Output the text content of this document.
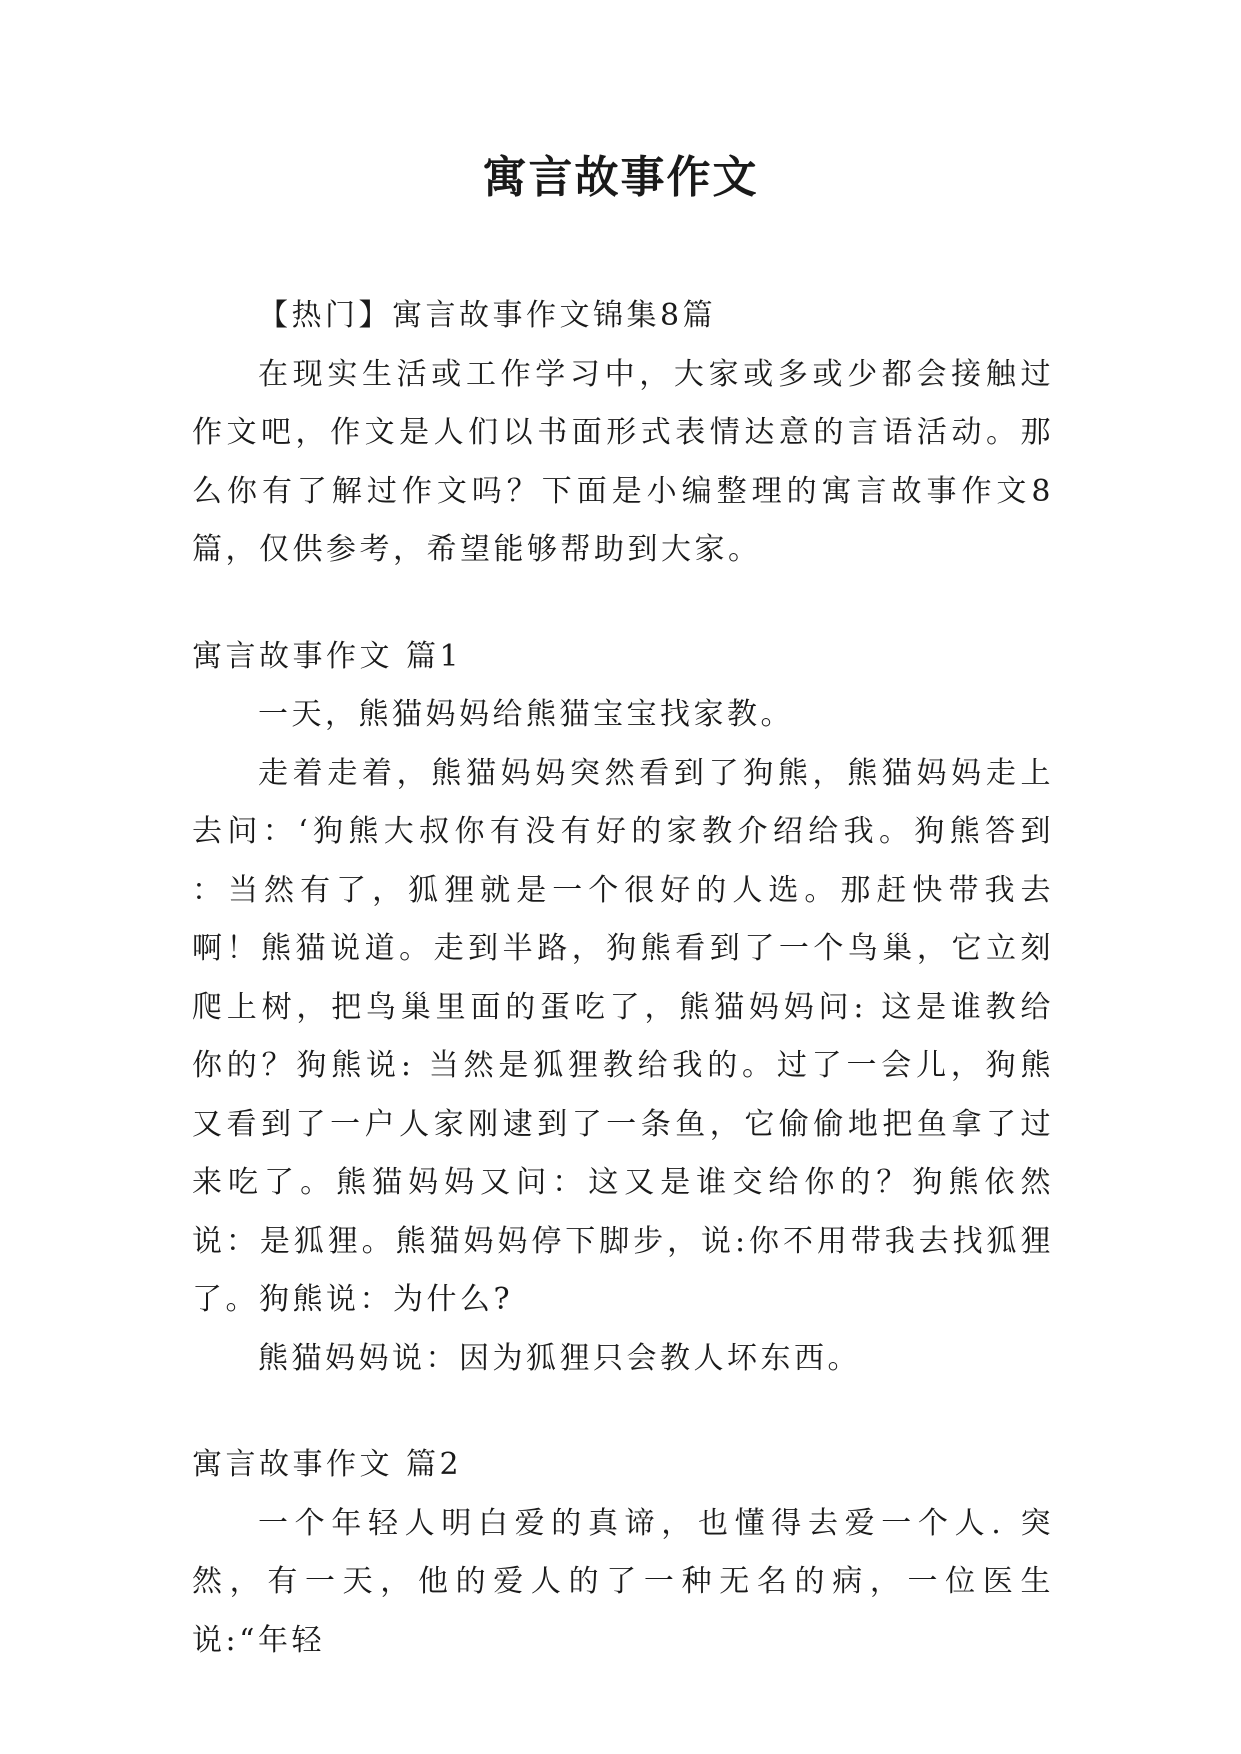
寓言故事作文

【热门】寓言故事作文锦集8篇

在现实生活或工作学习中，大家或多或少都会接触过作文吧，作文是人们以书面形式表情达意的言语活动。那么你有了解过作文吗？下面是小编整理的寓言故事作文8篇，仅供参考，希望能够帮助到大家。

寓言故事作文 篇1

一天，熊猫妈妈给熊猫宝宝找家教。

走着走着，熊猫妈妈突然看到了狗熊，熊猫妈妈走上去问：‘狗熊大叔你有没有好的家教介绍给我。狗熊答到 ：当然有了，狐狸就是一个很好的人选。那赶快带我去啊！熊猫说道。走到半路，狗熊看到了一个鸟巢，它立刻爬上树，把鸟巢里面的蛋吃了，熊猫妈妈问: 这是谁教给你的？狗熊说: 当然是狐狸教给我的。过了一会儿，狗熊又看到了一户人家刚逮到了一条鱼，它偷偷地把鱼拿了过来吃了。熊猫妈妈又问：这又是谁交给你的？狗熊依然说：是狐狸。熊猫妈妈停下脚步，说:你不用带我去找狐狸了。狗熊说：为什么?

熊猫妈妈说：因为狐狸只会教人坏东西。

寓言故事作文 篇2

一个年轻人明白爱的真谛，也懂得去爱一个人. 突然，有一天，他的爱人的了一种无名的病，一位医生说:“年轻
